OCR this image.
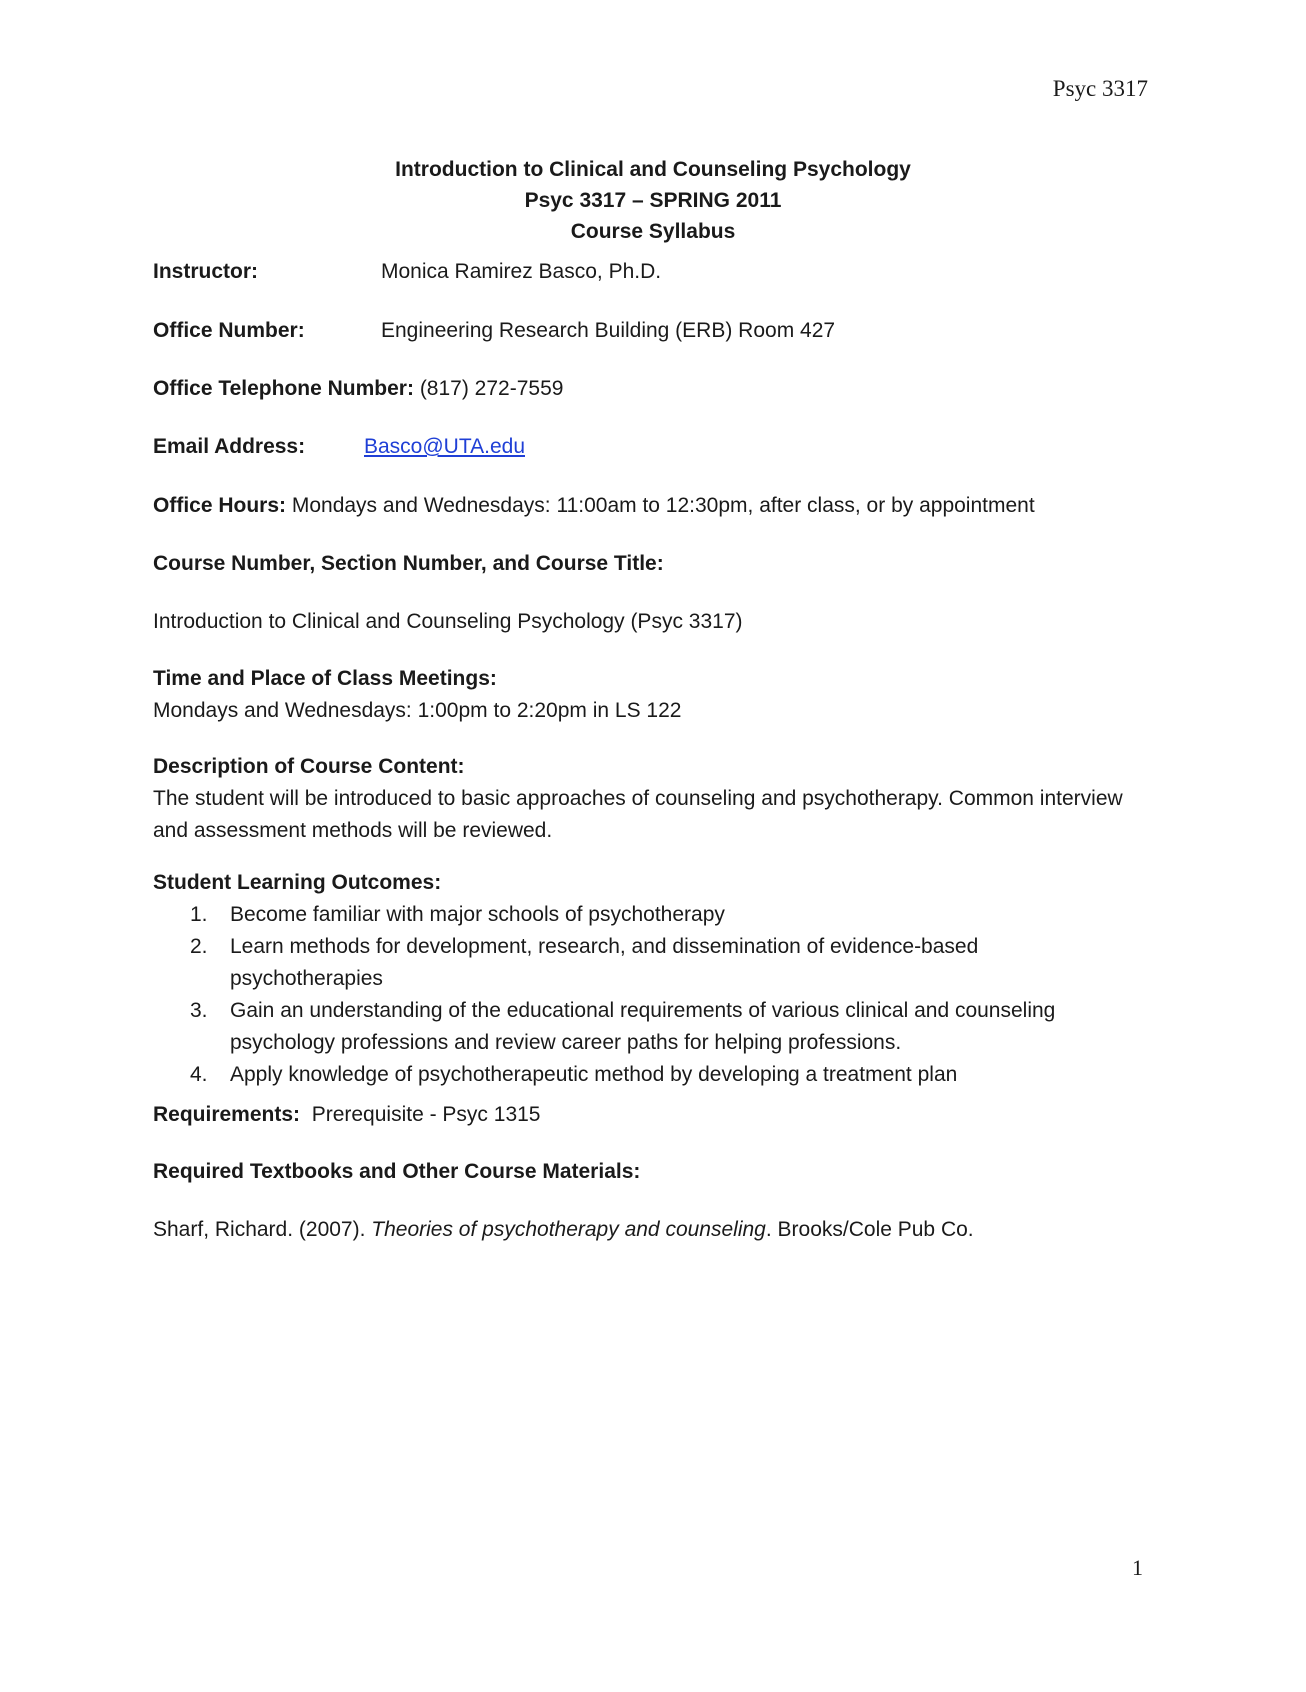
Psyc 3317
Introduction to Clinical and Counseling Psychology
Psyc 3317 – SPRING 2011
Course Syllabus
Instructor:	Monica Ramirez Basco, Ph.D.
Office Number:	Engineering Research Building (ERB) Room 427
Office Telephone Number: (817) 272-7559
Email Address:	Basco@UTA.edu
Office Hours: Mondays and Wednesdays: 11:00am to 12:30pm, after class, or by appointment
Course Number, Section Number, and Course Title:
Introduction to Clinical and Counseling Psychology (Psyc 3317)
Time and Place of Class Meetings:
Mondays and Wednesdays: 1:00pm to 2:20pm in LS 122
Description of Course Content:
The student will be introduced to basic approaches of counseling and psychotherapy. Common interview and assessment methods will be reviewed.
Student Learning Outcomes:
1. Become familiar with major schools of psychotherapy
2. Learn methods for development, research, and dissemination of evidence-based psychotherapies
3. Gain an understanding of the educational requirements of various clinical and counseling psychology professions and review career paths for helping professions.
4. Apply knowledge of psychotherapeutic method by developing a treatment plan
Requirements:  Prerequisite - Psyc 1315
Required Textbooks and Other Course Materials:
Sharf, Richard. (2007). Theories of psychotherapy and counseling. Brooks/Cole Pub Co.
1
